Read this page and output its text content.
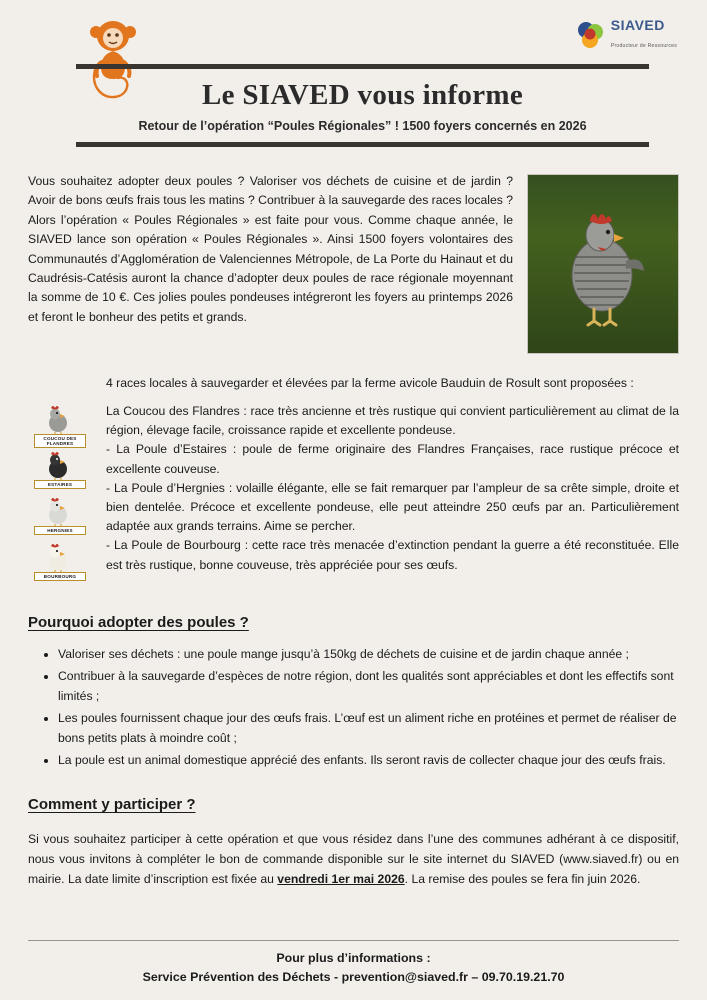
SIAVED
Producteur de Ressources
Le SIAVED vous informe
Retour de l’opération “Poules Régionales” ! 1500 foyers concernés en 2026

Vous souhaitez adopter deux poules ? Valoriser vos déchets de cuisine et de jardin ? Avoir de bons œufs frais tous les matins ? Contribuer à la sauvegarde des races locales ? Alors l’opération « Poules Régionales » est faite pour vous. Comme chaque année, le SIAVED lance son opération « Poules Régionales ». Ainsi 1500 foyers volontaires des Communautés d’Agglomération de Valenciennes Métropole, de La Porte du Hainaut et du Caudrésis-Catésis auront la chance d’adopter deux poules de race régionale moyennant la somme de 10 €. Ces jolies poules pondeuses intégreront les foyers au printemps 2026 et feront le bonheur des petits et grands.

4 races locales à sauvegarder et élevées par la ferme avicole Bauduin de Rosult sont proposées :

COUCOU DES FLANDRES
ESTAIRES
HERGNIES
BOURBOURG

La Coucou des Flandres : race très ancienne et très rustique qui convient particulièrement au climat de la région, élevage facile, croissance rapide et excellente pondeuse.

- La Poule d’Estaires : poule de ferme originaire des Flandres Françaises, race rustique précoce et excellente couveuse.

- La Poule d’Hergnies : volaille élégante, elle se fait remarquer par l’ampleur de sa crête simple, droite et bien dentelée. Précoce et excellente pondeuse, elle peut atteindre 250 œufs par an. Particulièrement adaptée aux grands terrains. Aime se percher.

- La Poule de Bourbourg : cette race très menacée d’extinction pendant la guerre a été reconstituée. Elle est très rustique, bonne couveuse, très appréciée pour ses œufs.

Pourquoi adopter des poules ?
• Valoriser ses déchets : une poule mange jusqu’à 150kg de déchets de cuisine et de jardin chaque année ;
• Contribuer à la sauvegarde d’espèces de notre région, dont les qualités sont appréciables et dont les effectifs sont limités ;
• Les poules fournissent chaque jour des œufs frais. L’œuf est un aliment riche en protéines et permet de réaliser de bons petits plats à moindre coût ;
• La poule est un animal domestique apprécié des enfants. Ils seront ravis de collecter chaque jour des œufs frais.
Comment y participer ?

Si vous souhaitez participer à cette opération et que vous résidez dans l’une des communes adhérant à ce dispositif, nous vous invitons à compléter le bon de commande disponible sur le site internet du SIAVED (www.siaved.fr) ou en mairie. La date limite d’inscription est fixée au vendredi 1er mai 2026. La remise des poules se fera fin juin 2026.

Pour plus d’informations :
Service Prévention des Déchets - prevention@siaved.fr – 09.70.19.21.70
